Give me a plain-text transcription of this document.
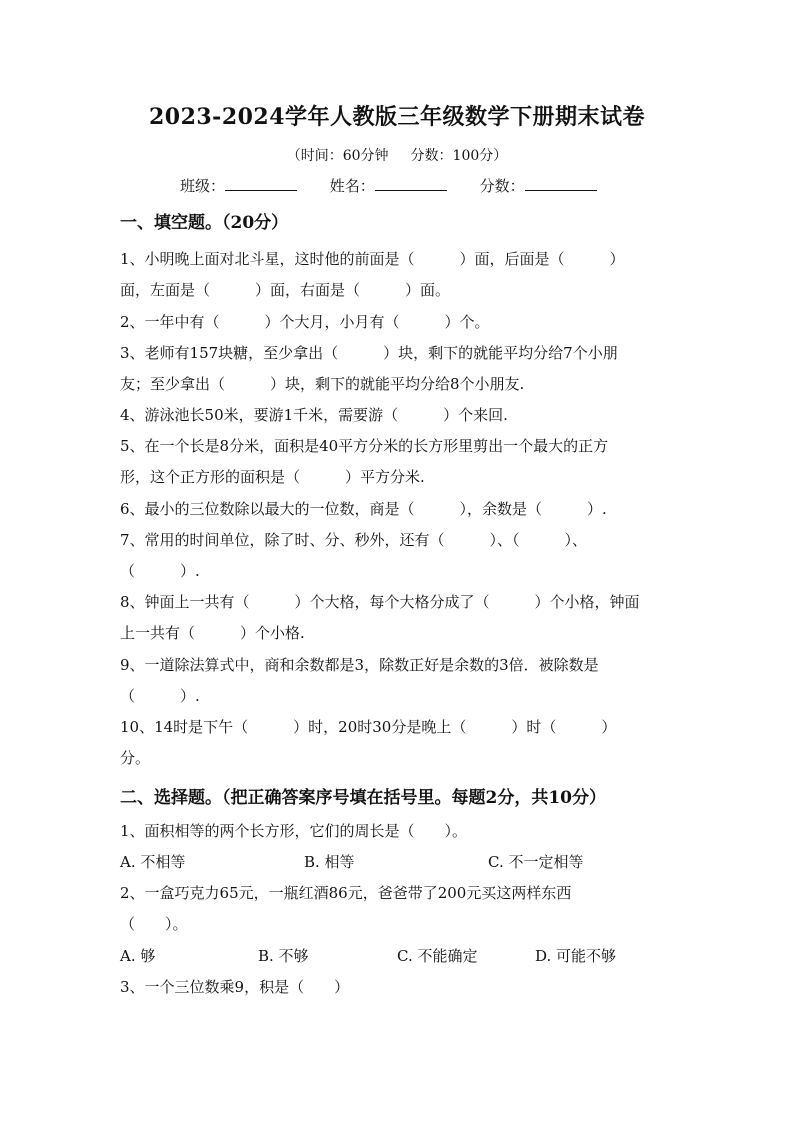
2023-2024学年人教版三年级数学下册期末试卷
（时间：60分钟 分数：100分）
班级：	姓名：	分数：
一、填空题。（20分）
1、小明晚上面对北斗星，这时他的前面是（　　　）面，后面是（　　　）
面，左面是（　　　）面，右面是（　　　）面。
2、一年中有（　　　）个大月，小月有（　　　）个。
3、老师有157块糖，至少拿出（　　　）块，剩下的就能平均分给7个小朋
友；至少拿出（　　　）块，剩下的就能平均分给8个小朋友.
4、游泳池长50米，要游1千米，需要游（　　　）个来回.
5、在一个长是8分米，面积是40平方分米的长方形里剪出一个最大的正方
形，这个正方形的面积是（　　　）平方分米.
6、最小的三位数除以最大的一位数，商是（　　　），余数是（　　　）.
7、常用的时间单位，除了时、分、秒外，还有（　　　）、（　　　）、
（　　　）.
8、钟面上一共有（　　　）个大格，每个大格分成了（　　　）个小格，钟面
上一共有（　　　）个小格.
9、一道除法算式中，商和余数都是3，除数正好是余数的3倍．被除数是
（　　　）.
10、14时是下午（　　　）时，20时30分是晚上（　　　）时（　　　）
分。
二、选择题。（把正确答案序号填在括号里。每题2分，共10分）
1、面积相等的两个长方形，它们的周长是（　　）。
A. 不相等	B. 相等	C. 不一定相等
2、一盒巧克力65元，一瓶红酒86元，爸爸带了200元买这两样东西
（　　）。
A. 够	B. 不够	C. 不能确定	D. 可能不够
3、一个三位数乘9，积是（　　）
